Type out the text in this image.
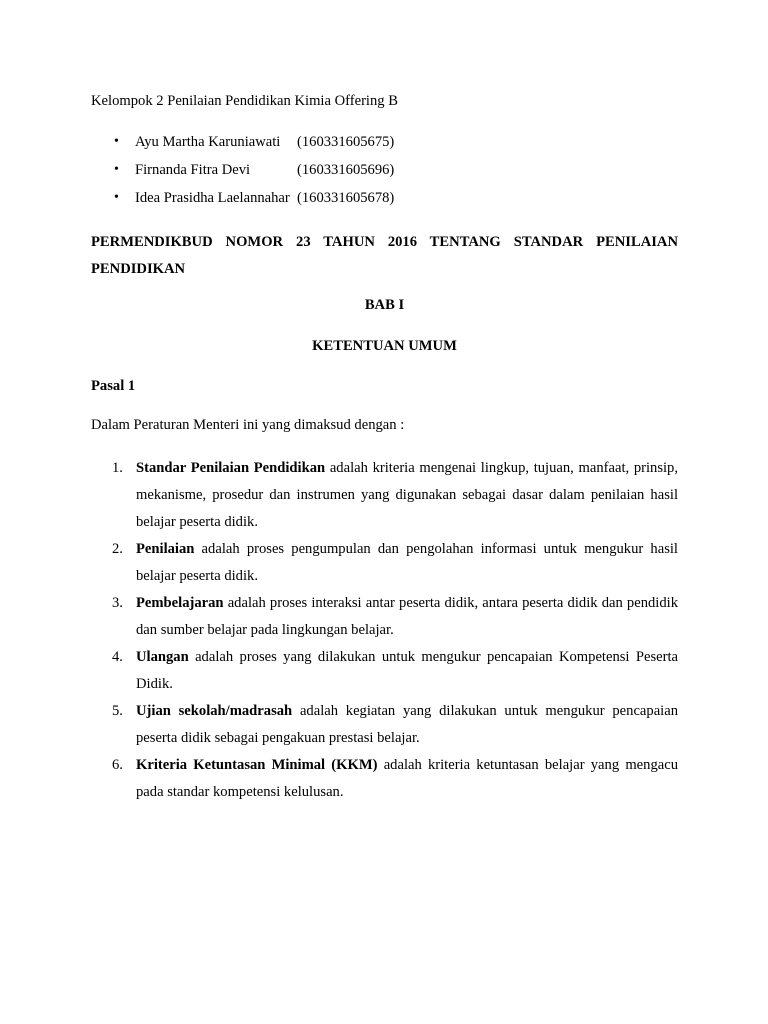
Kelompok 2 Penilaian Pendidikan Kimia Offering B
• Ayu Martha Karuniawati (160331605675)
• Firnanda Fitra Devi	(160331605696)
• Idea Prasidha Laelannahar (160331605678)
PERMENDIKBUD NOMOR 23 TAHUN 2016 TENTANG STANDAR PENILAIAN PENDIDIKAN
BAB I
KETENTUAN UMUM
Pasal 1
Dalam Peraturan Menteri ini yang dimaksud dengan :
1. Standar Penilaian Pendidikan adalah kriteria mengenai lingkup, tujuan, manfaat, prinsip, mekanisme, prosedur dan instrumen yang digunakan sebagai dasar dalam penilaian hasil belajar peserta didik.
2. Penilaian adalah proses pengumpulan dan pengolahan informasi untuk mengukur hasil belajar peserta didik.
3. Pembelajaran adalah proses interaksi antar peserta didik, antara peserta didik dan pendidik dan sumber belajar pada lingkungan belajar.
4. Ulangan adalah proses yang dilakukan untuk mengukur pencapaian Kompetensi Peserta Didik.
5. Ujian sekolah/madrasah adalah kegiatan yang dilakukan untuk mengukur pencapaian peserta didik sebagai pengakuan prestasi belajar.
6. Kriteria Ketuntasan Minimal (KKM) adalah kriteria ketuntasan belajar yang mengacu pada standar kompetensi kelulusan.
